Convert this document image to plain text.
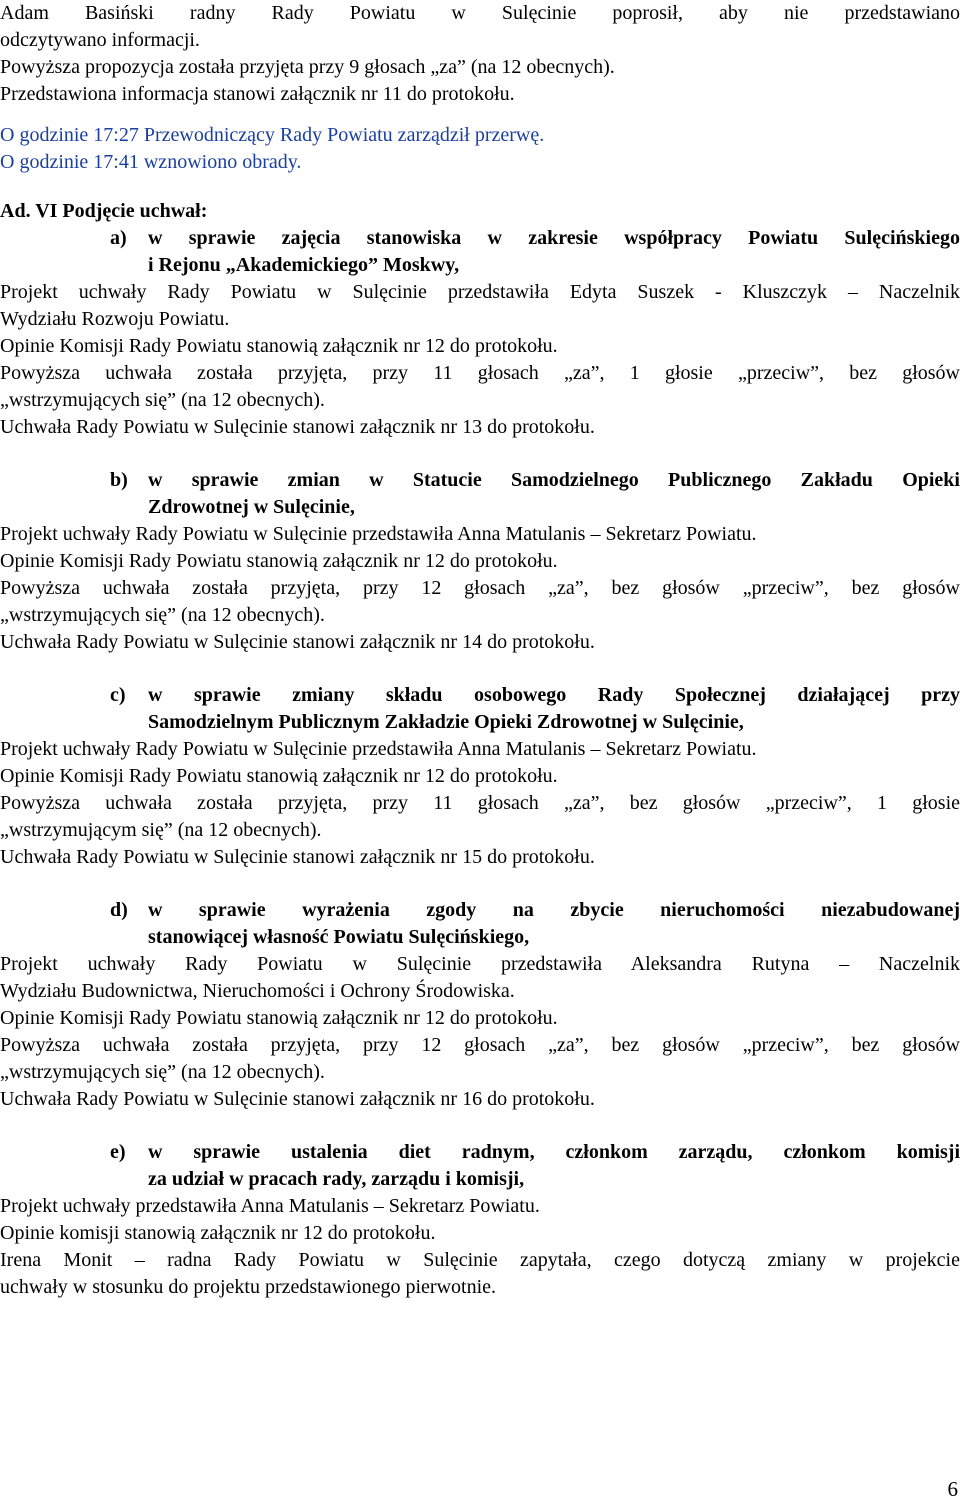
Adam Basiński radny Rady Powiatu w Sulęcinie poprosił, aby nie przedstawiano

odczytywano informacji.

Powyższa propozycja została przyjęta przy 9 głosach „za” (na 12 obecnych).

Przedstawiona informacja stanowi załącznik nr 11 do protokołu.

O godzinie 17:27 Przewodniczący Rady Powiatu zarządził przerwę.

O godzinie 17:41 wznowiono obrady.

Ad. VI Podjęcie uchwał:

a)	w sprawie zajęcia stanowiska w zakresie współpracy Powiatu Sulęcińskiego
i Rejonu „Akademickiego” Moskwy,

Projekt uchwały Rady Powiatu w Sulęcinie przedstawiła Edyta Suszek - Kluszczyk – Naczelnik

Wydziału Rozwoju Powiatu.

Opinie Komisji Rady Powiatu stanowią załącznik nr 12 do protokołu.

Powyższa uchwała została przyjęta, przy 11 głosach „za”, 1 głosie „przeciw”, bez głosów

„wstrzymujących się” (na 12 obecnych).

Uchwała Rady Powiatu w Sulęcinie stanowi załącznik nr 13 do protokołu.

b)	w sprawie zmian w Statucie Samodzielnego Publicznego Zakładu Opieki
Zdrowotnej w Sulęcinie,

Projekt uchwały Rady Powiatu w Sulęcinie przedstawiła Anna Matulanis – Sekretarz Powiatu.

Opinie Komisji Rady Powiatu stanowią załącznik nr 12 do protokołu.

Powyższa uchwała została przyjęta, przy 12 głosach „za”, bez głosów „przeciw”, bez głosów

„wstrzymujących się” (na 12 obecnych).

Uchwała Rady Powiatu w Sulęcinie stanowi załącznik nr 14 do protokołu.

c)	w sprawie zmiany składu osobowego Rady Społecznej działającej przy
Samodzielnym Publicznym Zakładzie Opieki Zdrowotnej w Sulęcinie,

Projekt uchwały Rady Powiatu w Sulęcinie przedstawiła Anna Matulanis – Sekretarz Powiatu.

Opinie Komisji Rady Powiatu stanowią załącznik nr 12 do protokołu.

Powyższa uchwała została przyjęta, przy 11 głosach „za”, bez głosów „przeciw”, 1 głosie

„wstrzymującym się” (na 12 obecnych).

Uchwała Rady Powiatu w Sulęcinie stanowi załącznik nr 15 do protokołu.

d)	w sprawie wyrażenia zgody na zbycie nieruchomości niezabudowanej
stanowiącej własność Powiatu Sulęcińskiego,

Projekt uchwały Rady Powiatu w Sulęcinie przedstawiła Aleksandra Rutyna – Naczelnik

Wydziału Budownictwa, Nieruchomości i Ochrony Środowiska.

Opinie Komisji Rady Powiatu stanowią załącznik nr 12 do protokołu.

Powyższa uchwała została przyjęta, przy 12 głosach „za”, bez głosów „przeciw”, bez głosów

„wstrzymujących się” (na 12 obecnych).

Uchwała Rady Powiatu w Sulęcinie stanowi załącznik nr 16 do protokołu.

e)	w sprawie ustalenia diet radnym, członkom zarządu, członkom komisji
za udział w pracach rady, zarządu i komisji,

Projekt uchwały przedstawiła Anna Matulanis – Sekretarz Powiatu.

Opinie komisji stanowią załącznik nr 12 do protokołu.

Irena Monit – radna Rady Powiatu w Sulęcinie zapytała, czego dotyczą zmiany w projekcie

uchwały w stosunku do projektu przedstawionego pierwotnie.

6
